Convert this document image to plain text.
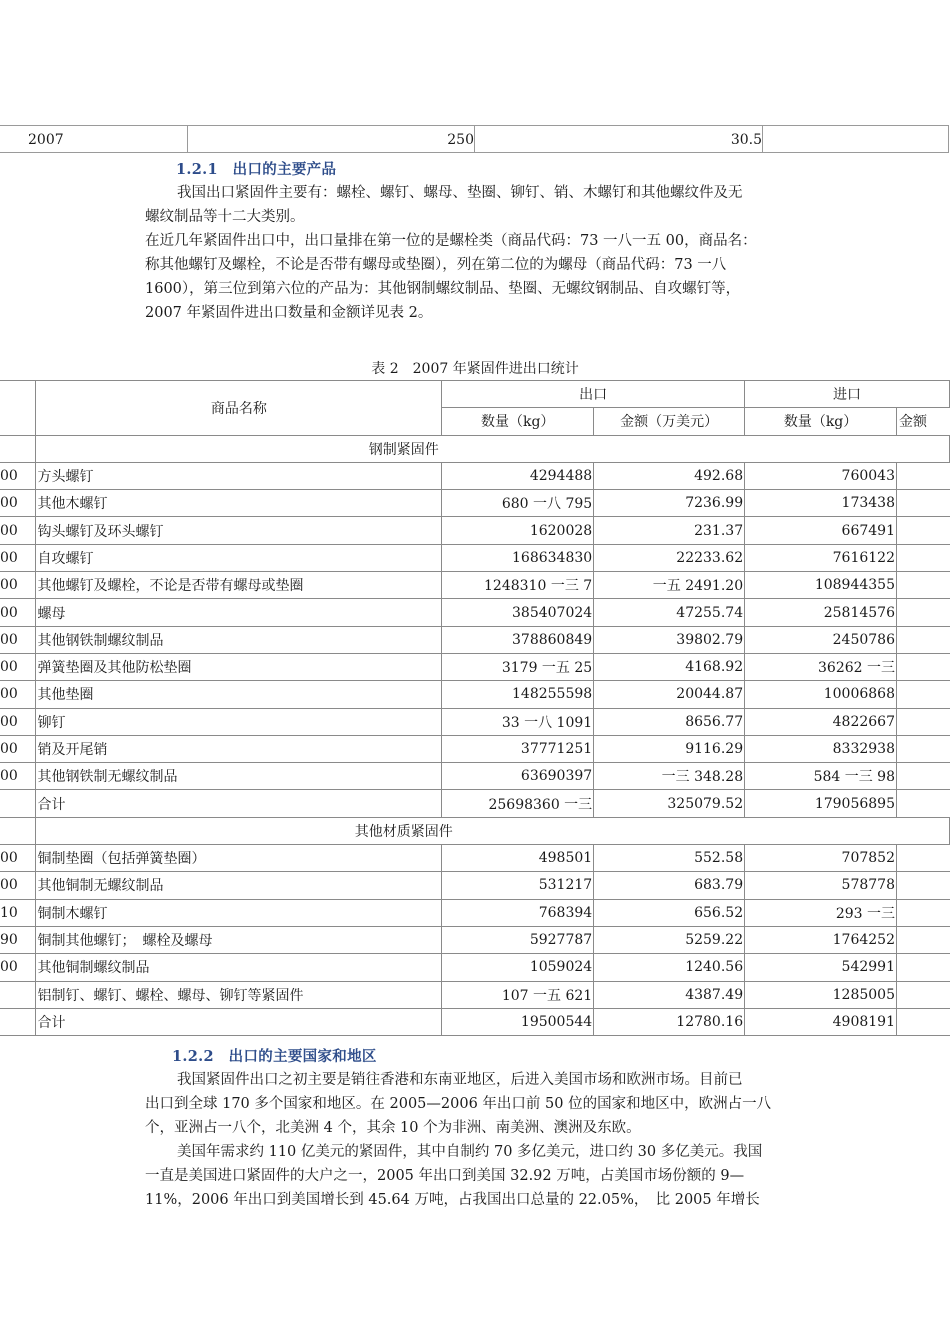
2007	250	30.5
1.2.1　出口的主要产品
我国出口紧固件主要有：螺栓、螺钉、螺母、垫圈、铆钉、销、木螺钉和其他螺纹件及无
螺纹制品等十二大类别。
在近几年紧固件出口中，出口量排在第一位的是螺栓类（商品代码：73 一八一五 00，商品名：
称其他螺钉及螺栓，不论是否带有螺母或垫圈），列在第二位的为螺母（商品代码：73 一八
1600），第三位到第六位的产品为：其他钢制螺纹制品、垫圈、无螺纹钢制品、自攻螺钉等，
2007 年紧固件进出口数量和金额详见表 2。
表 2　2007 年紧固件进出口统计
	商品名称	出口		进口	
		数量（kg）	金额（万美元）	数量（kg）	金额
	钢制紧固件				
00	方头螺钉	4294488	492.68	760043	
00	其他木螺钉	680 一八 795	7236.99	173438	
00	钩头螺钉及环头螺钉	1620028	231.37	667491	
00	自攻螺钉	168634830	22233.62	7616122	
00	其他螺钉及螺栓，不论是否带有螺母或垫圈	1248310 一三 7	一五 2491.20	108944355	
00	螺母	385407024	47255.74	25814576	
00	其他钢铁制螺纹制品	378860849	39802.79	2450786	
00	弹簧垫圈及其他防松垫圈	3179 一五 25	4168.92	36262 一三	
00	其他垫圈	148255598	20044.87	10006868	
00	铆钉	33 一八 1091	8656.77	4822667	
00	销及开尾销	37771251	9116.29	8332938	
00	其他钢铁制无螺纹制品	63690397	一三 348.28	584 一三 98	
	合计	25698360 一三	325079.52	179056895	
	其他材质紧固件				
00	铜制垫圈（包括弹簧垫圈）	498501	552.58	707852	
00	其他铜制无螺纹制品	531217	683.79	578778	
10	铜制木螺钉	768394	656.52	293 一三	
90	铜制其他螺钉；　螺栓及螺母	5927787	5259.22	1764252	
00	其他铜制螺纹制品	1059024	1240.56	542991	
	铝制钉、螺钉、螺栓、螺母、铆钉等紧固件	107 一五 621	4387.49	1285005	
	合计	19500544	12780.16	4908191	
1.2.2　出口的主要国家和地区
我国紧固件出口之初主要是销往香港和东南亚地区，后进入美国市场和欧洲市场。目前已
出口到全球 170 多个国家和地区。在 2005—2006 年出口前 50 位的国家和地区中，欧洲占一八
个，亚洲占一八个，北美洲 4 个，其余 10 个为非洲、南美洲、澳洲及东欧。
美国年需求约 110 亿美元的紧固件，其中自制约 70 多亿美元，进口约 30 多亿美元。我国
一直是美国进口紧固件的大户之一，2005 年出口到美国 32.92 万吨，占美国市场份额的 9—
11%，2006 年出口到美国增长到 45.64 万吨，占我国出口总量的 22.05%，　比 2005 年增长
